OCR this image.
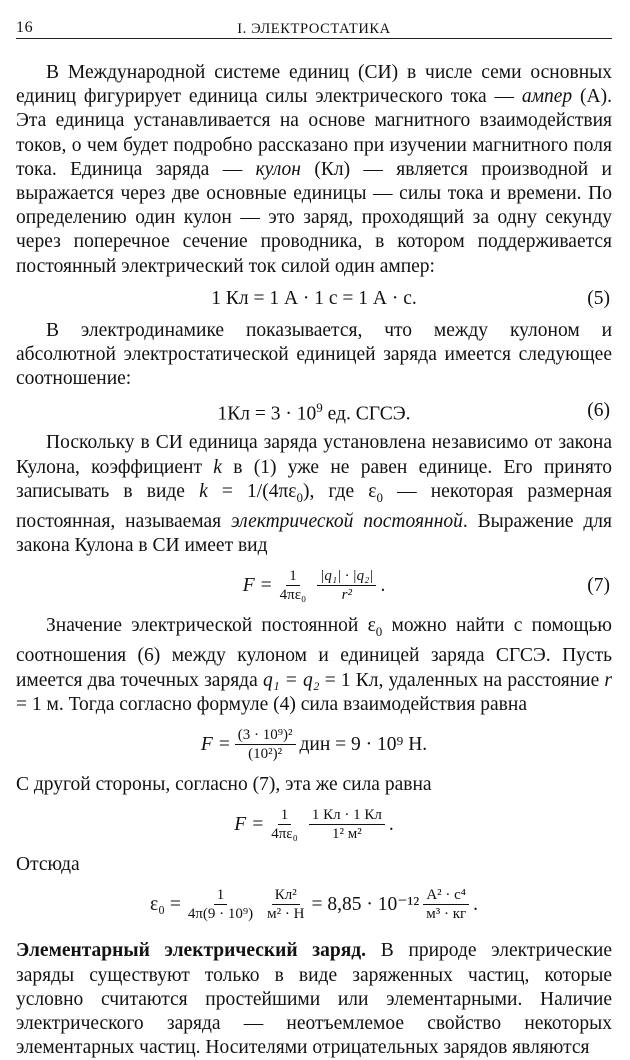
16	I. ЭЛЕКТРОСТАТИКА

В Международной системе единиц (СИ) в числе семи основных единиц фигурирует единица силы электрического тока — ампер (А). Эта единица устанавливается на основе магнитного взаимодействия токов, о чем будет подробно рассказано при изучении магнитного поля тока. Единица заряда — кулон (Кл) — является производной и выражается через две основные единицы — силы тока и времени. По определению один кулон — это заряд, проходящий за одну секунду через поперечное сечение проводника, в котором поддерживается постоянный электрический ток силой один ампер:

1 Кл = 1 А · 1 с = 1 А · с.	(5)

В электродинамике показывается, что между кулоном и абсолютной электростатической единицей заряда имеется следующее соотношение:

$1Кл = 3 \cdot 10^9$ ед. СГСЭ.	(6)

Поскольку в СИ единица заряда установлена независимо от закона Кулона, коэффициент k в (1) уже не равен единице. Его принято записывать в виде $k = 1/(4\pi\varepsilon_0)$, где $\varepsilon_0$ — некоторая размерная постоянная, называемая электрической постоянной. Выражение для закона Кулона в СИ имеет вид

$F = \frac{1}{\text{4πε₀}} \frac{\text{|q₁| · |q₂|}}{\text{r²}}$ .	(7)

Значение электрической постоянной $\varepsilon_0$ можно найти с помощью соотношения (6) между кулоном и единицей заряда СГСЭ. Пусть имеется два точечных заряда q₁ = q₂ = 1 Кл, удаленных на расстояние r = 1 м. Тогда согласно формуле (4) сила взаимодействия равна

$F = \frac{\text{(3 · 10⁹)²}}{\text{(10²)²}}$ дин = 9 · 10⁹ Н.

С другой стороны, согласно (7), эта же сила равна

$F = \frac{1}{\text{4πε₀}} \frac{1 Кл \cdot 1 Кл}{\text{1² м²}}$ .

Отсюда

$\varepsilon_0 = \frac{1}{\text{4π(9 · 10⁹)}} \frac{\text{Кл²}}{\text{м² · Н}} = 8,85 \cdot 10^{-12} \frac{\text{А² · с⁴}}{\text{м³ · кг}}$ .

Элементарный электрический заряд. В природе электрические заряды существуют только в виде заряженных частиц, которые условно считаются простейшими или элементарными. Наличие электрического заряда — неотъемлемое свойство некоторых элементарных частиц. Носителями отрицательных зарядов являются
